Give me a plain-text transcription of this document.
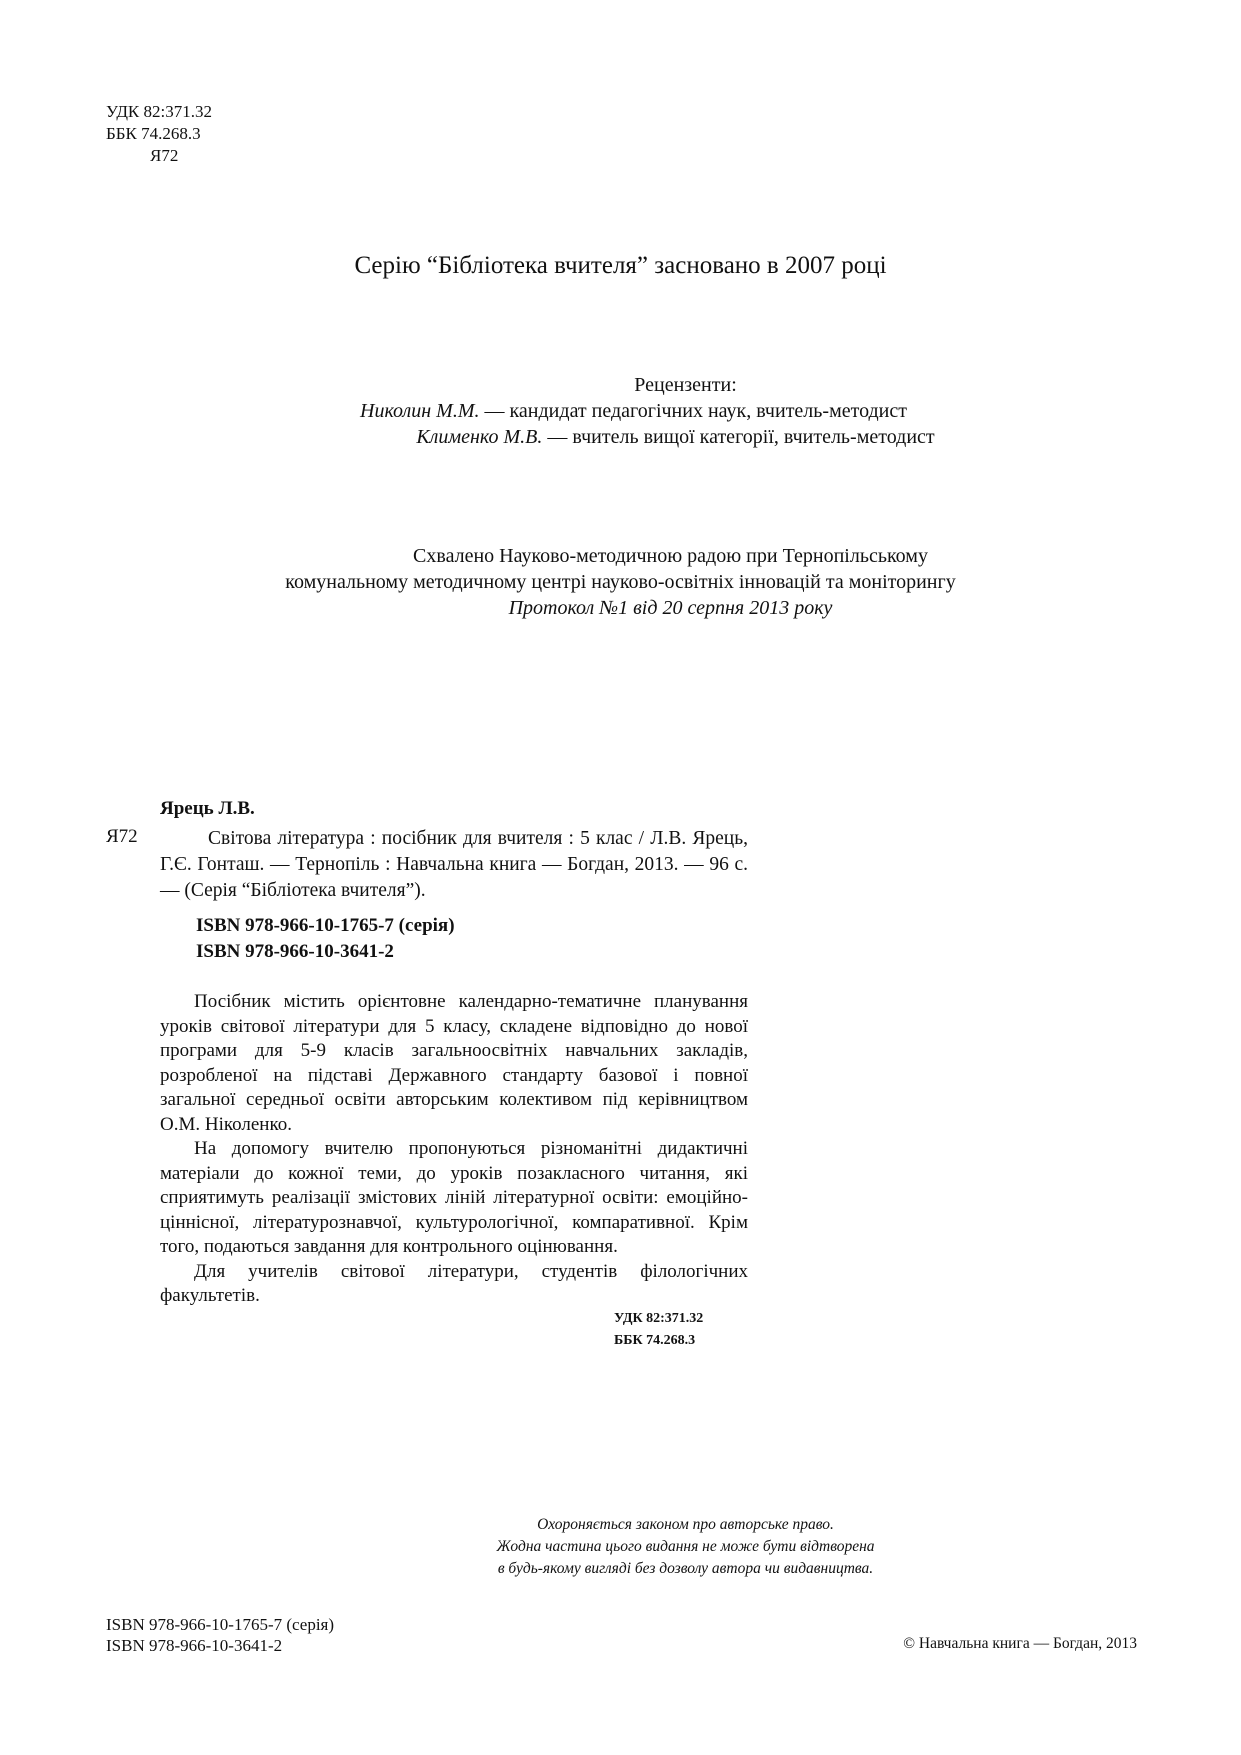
УДК 82:371.32
ББК 74.268.3
Я72
Серію “Бібліотека вчителя” засновано в 2007 році
Рецензенти:
Николин М.М. — кандидат педагогічних наук, вчитель-методист
Клименко М.В. — вчитель вищої категорії, вчитель-методист
Схвалено Науково-методичною радою при Тернопільському
комунальному методичному центрі науково-освітніх інновацій та моніторингу
Протокол №1 від 20 серпня 2013 року
Ярець Л.В.
Я72	Світова література : посібник для вчителя : 5 клас / Л.В. Ярець, Г.Є. Гонташ. — Тернопіль : Навчальна книга — Богдан, 2013. — 96 с. — (Серія “Бібліотека вчителя”).
ISBN 978-966-10-1765-7 (серія)
ISBN 978-966-10-3641-2

Посібник містить орієнтовне календарно-тематичне планування уроків світової літератури для 5 класу, складене відповідно до нової програми для 5-9 класів загальноосвітніх навчальних закладів, розробленої на підставі Державного стандарту базової і повної загальної середньої освіти авторським колективом під керівництвом О.М. Ніколенко.

На допомогу вчителю пропонуються різноманітні дидактичні матеріали до кожної теми, до уроків позакласного читання, які сприятимуть реалізації змістових ліній літературної освіти: емоційно-ціннісної, літературознавчої, культурологічної, компаративної. Крім того, подаються завдання для контрольного оцінювання.

Для учителів світової літератури, студентів філологічних факультетів.

УДК 82:371.32
ББК 74.268.3
Охороняється законом про авторське право.
Жодна частина цього видання не може бути відтворена
в будь-якому вигляді без дозволу автора чи видавництва.
ISBN 978-966-10-1765-7 (серія)
ISBN 978-966-10-3641-2	© Навчальна книга — Богдан, 2013
